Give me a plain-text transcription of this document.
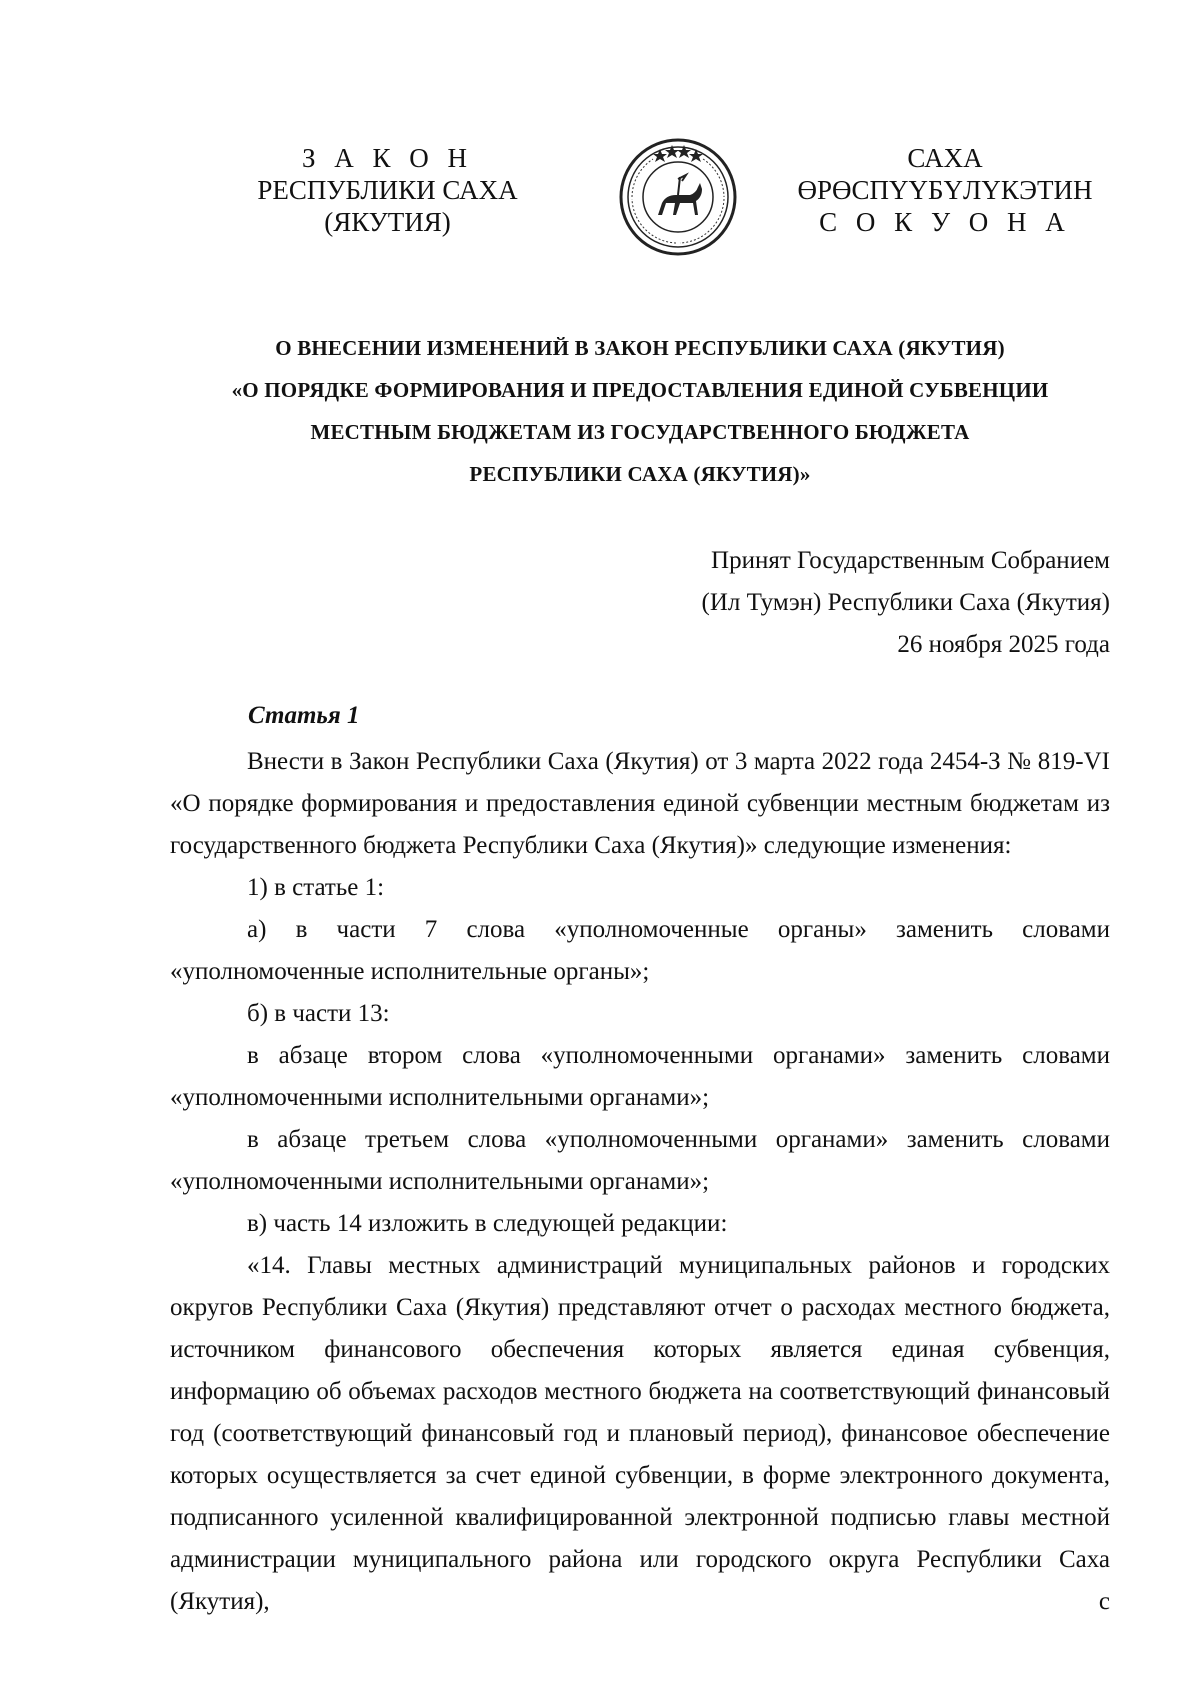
З А К О Н
РЕСПУБЛИКИ САХА (ЯКУТИЯ)
САХА ӨРӨСПҮҮБҮЛҮКЭТИН
С О К У О Н А
О ВНЕСЕНИИ ИЗМЕНЕНИЙ В ЗАКОН РЕСПУБЛИКИ САХА (ЯКУТИЯ)
«О ПОРЯДКЕ ФОРМИРОВАНИЯ И ПРЕДОСТАВЛЕНИЯ ЕДИНОЙ СУБВЕНЦИИ
МЕСТНЫМ БЮДЖЕТАМ ИЗ ГОСУДАРСТВЕННОГО БЮДЖЕТА
РЕСПУБЛИКИ САХА (ЯКУТИЯ)»
Принят Государственным Собранием
(Ил Тумэн) Республики Саха (Якутия)
26 ноября 2025 года
Статья 1

Внести в Закон Республики Саха (Якутия) от 3 марта 2022 года 2454-З № 819-VI «О порядке формирования и предоставления единой субвенции местным бюджетам из государственного бюджета Республики Саха (Якутия)» следующие изменения:

1) в статье 1:

а) в части 7 слова «уполномоченные органы» заменить словами «уполномоченные исполнительные органы»;

б) в части 13:

в абзаце втором слова «уполномоченными органами» заменить словами «уполномоченными исполнительными органами»;

в абзаце третьем слова «уполномоченными органами» заменить словами «уполномоченными исполнительными органами»;

в) часть 14 изложить в следующей редакции:

«14. Главы местных администраций муниципальных районов и городских округов Республики Саха (Якутия) представляют отчет о расходах местного бюджета, источником финансового обеспечения которых является единая субвенция, информацию об объемах расходов местного бюджета на соответствующий финансовый год (соответствующий финансовый год и плановый период), финансовое обеспечение которых осуществляется за счет единой субвенции, в форме электронного документа, подписанного усиленной квалифицированной электронной подписью главы местной администрации муниципального района или городского округа Республики Саха (Якутия), с
